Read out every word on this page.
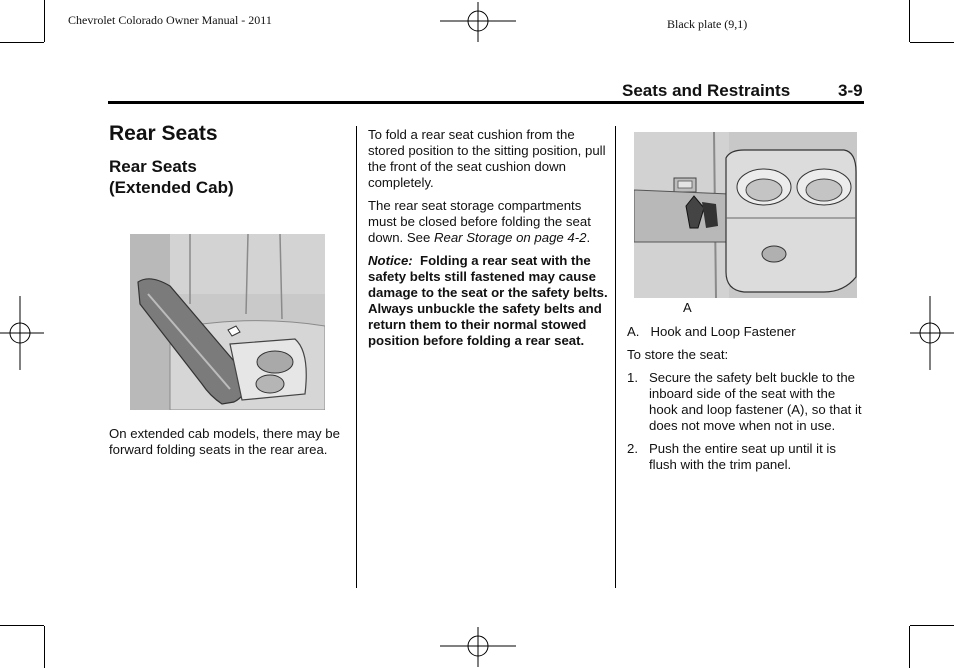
Chevrolet Colorado Owner Manual - 2011	Black plate (9,1)
Seats and Restraints	3-9
Rear Seats
Rear Seats
(Extended Cab)
On extended cab models, there may be forward folding seats in the rear area.

To fold a rear seat cushion from the stored position to the sitting position, pull the front of the seat cushion down completely.

The rear seat storage compartments must be closed before folding the seat down. See Rear Storage on page 4-2.

Notice: Folding a rear seat with the safety belts still fastened may cause damage to the seat or the safety belts. Always unbuckle the safety belts and return them to their normal stowed position before folding a rear seat.

A

A. Hook and Loop Fastener

To store the seat:

1. Secure the safety belt buckle to the inboard side of the seat with the hook and loop fastener (A), so that it does not move when not in use.
2. Push the entire seat up until it is flush with the trim panel.
